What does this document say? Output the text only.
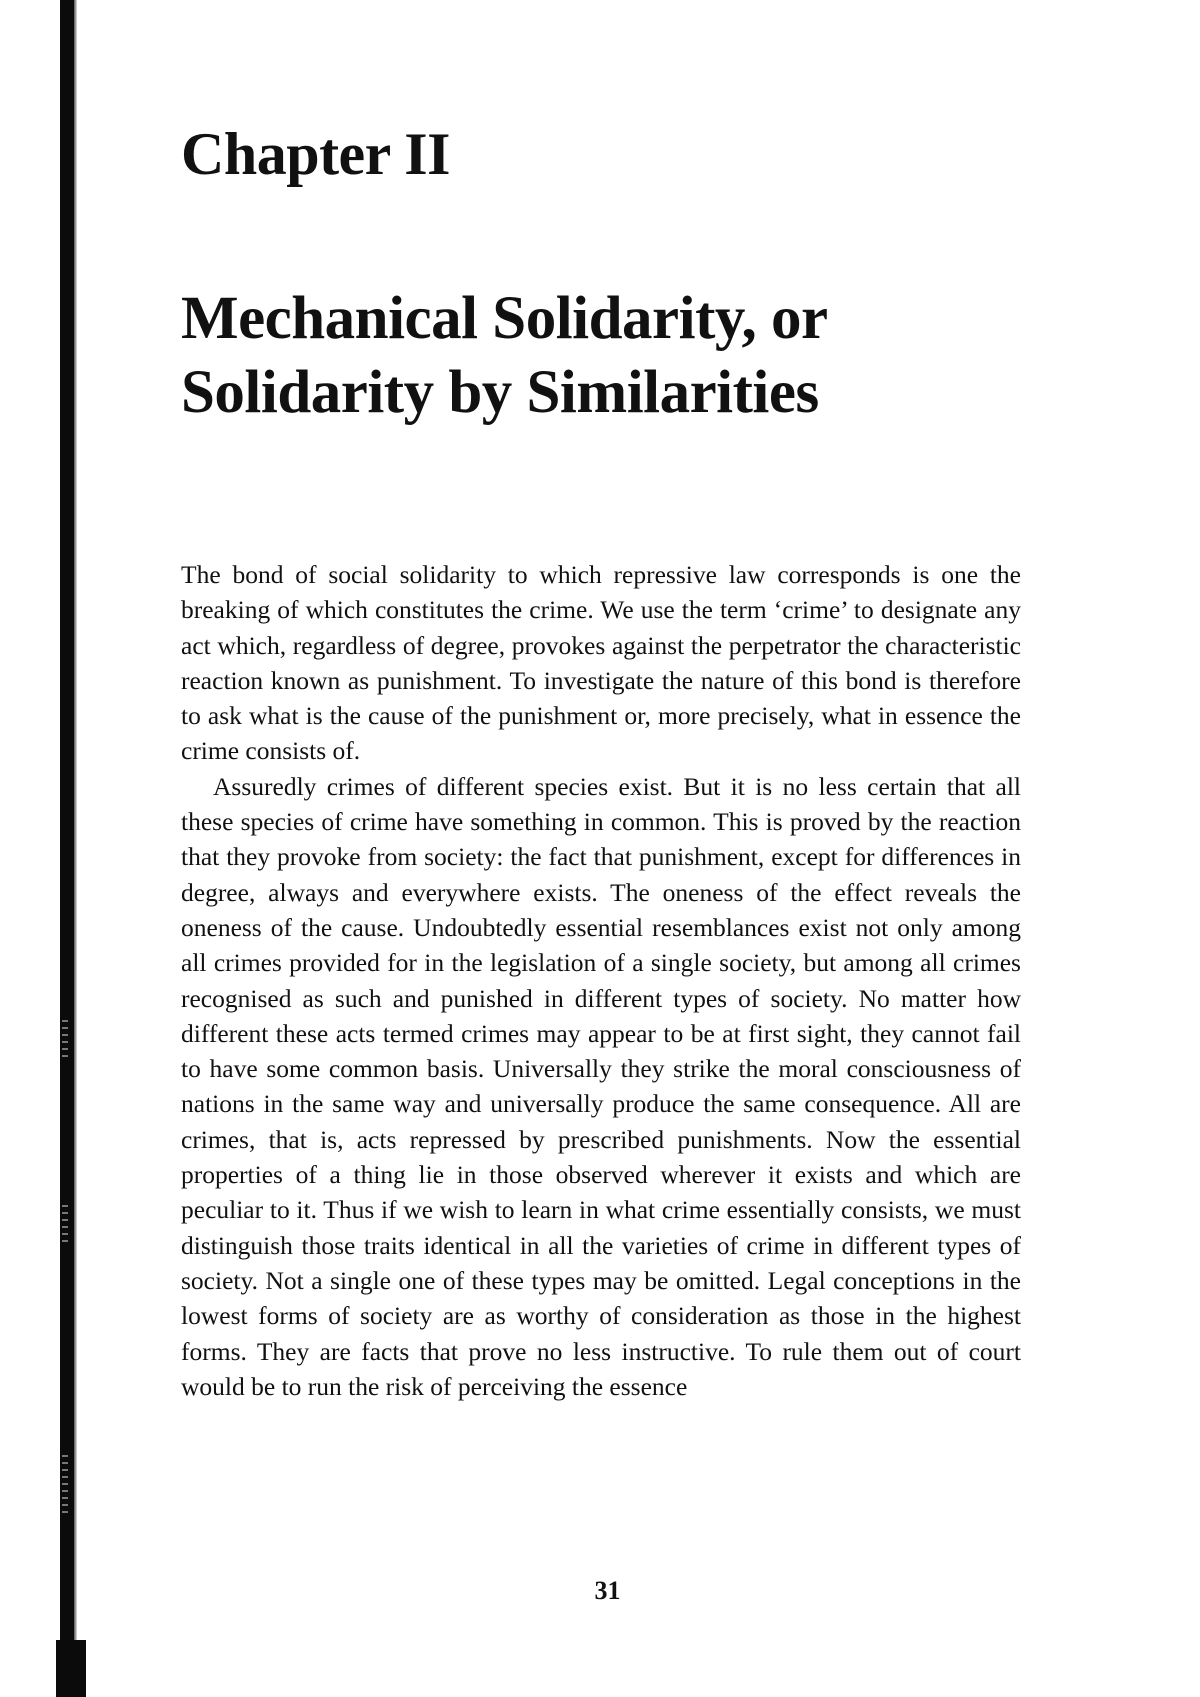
Chapter II
Mechanical Solidarity, or
Solidarity by Similarities

The bond of social solidarity to which repressive law corresponds is one the breaking of which constitutes the crime. We use the term ‘crime’ to designate any act which, regardless of degree, provokes against the perpetrator the characteristic reaction known as punishment. To investigate the nature of this bond is therefore to ask what is the cause of the punishment or, more precisely, what in essence the crime consists of.

Assuredly crimes of different species exist. But it is no less certain that all these species of crime have something in common. This is proved by the reaction that they provoke from society: the fact that punishment, except for differences in degree, always and everywhere exists. The oneness of the effect reveals the oneness of the cause. Undoubtedly essential resemblances exist not only among all crimes provided for in the legislation of a single society, but among all crimes recognised as such and punished in different types of society. No matter how different these acts termed crimes may appear to be at first sight, they cannot fail to have some common basis. Universally they strike the moral consciousness of nations in the same way and universally produce the same consequence. All are crimes, that is, acts repressed by prescribed punishments. Now the essential properties of a thing lie in those observed wherever it exists and which are peculiar to it. Thus if we wish to learn in what crime essentially consists, we must distinguish those traits identical in all the varieties of crime in different types of society. Not a single one of these types may be omitted. Legal conceptions in the lowest forms of society are as worthy of consideration as those in the highest forms. They are facts that prove no less instructive. To rule them out of court would be to run the risk of perceiving the essence

31
